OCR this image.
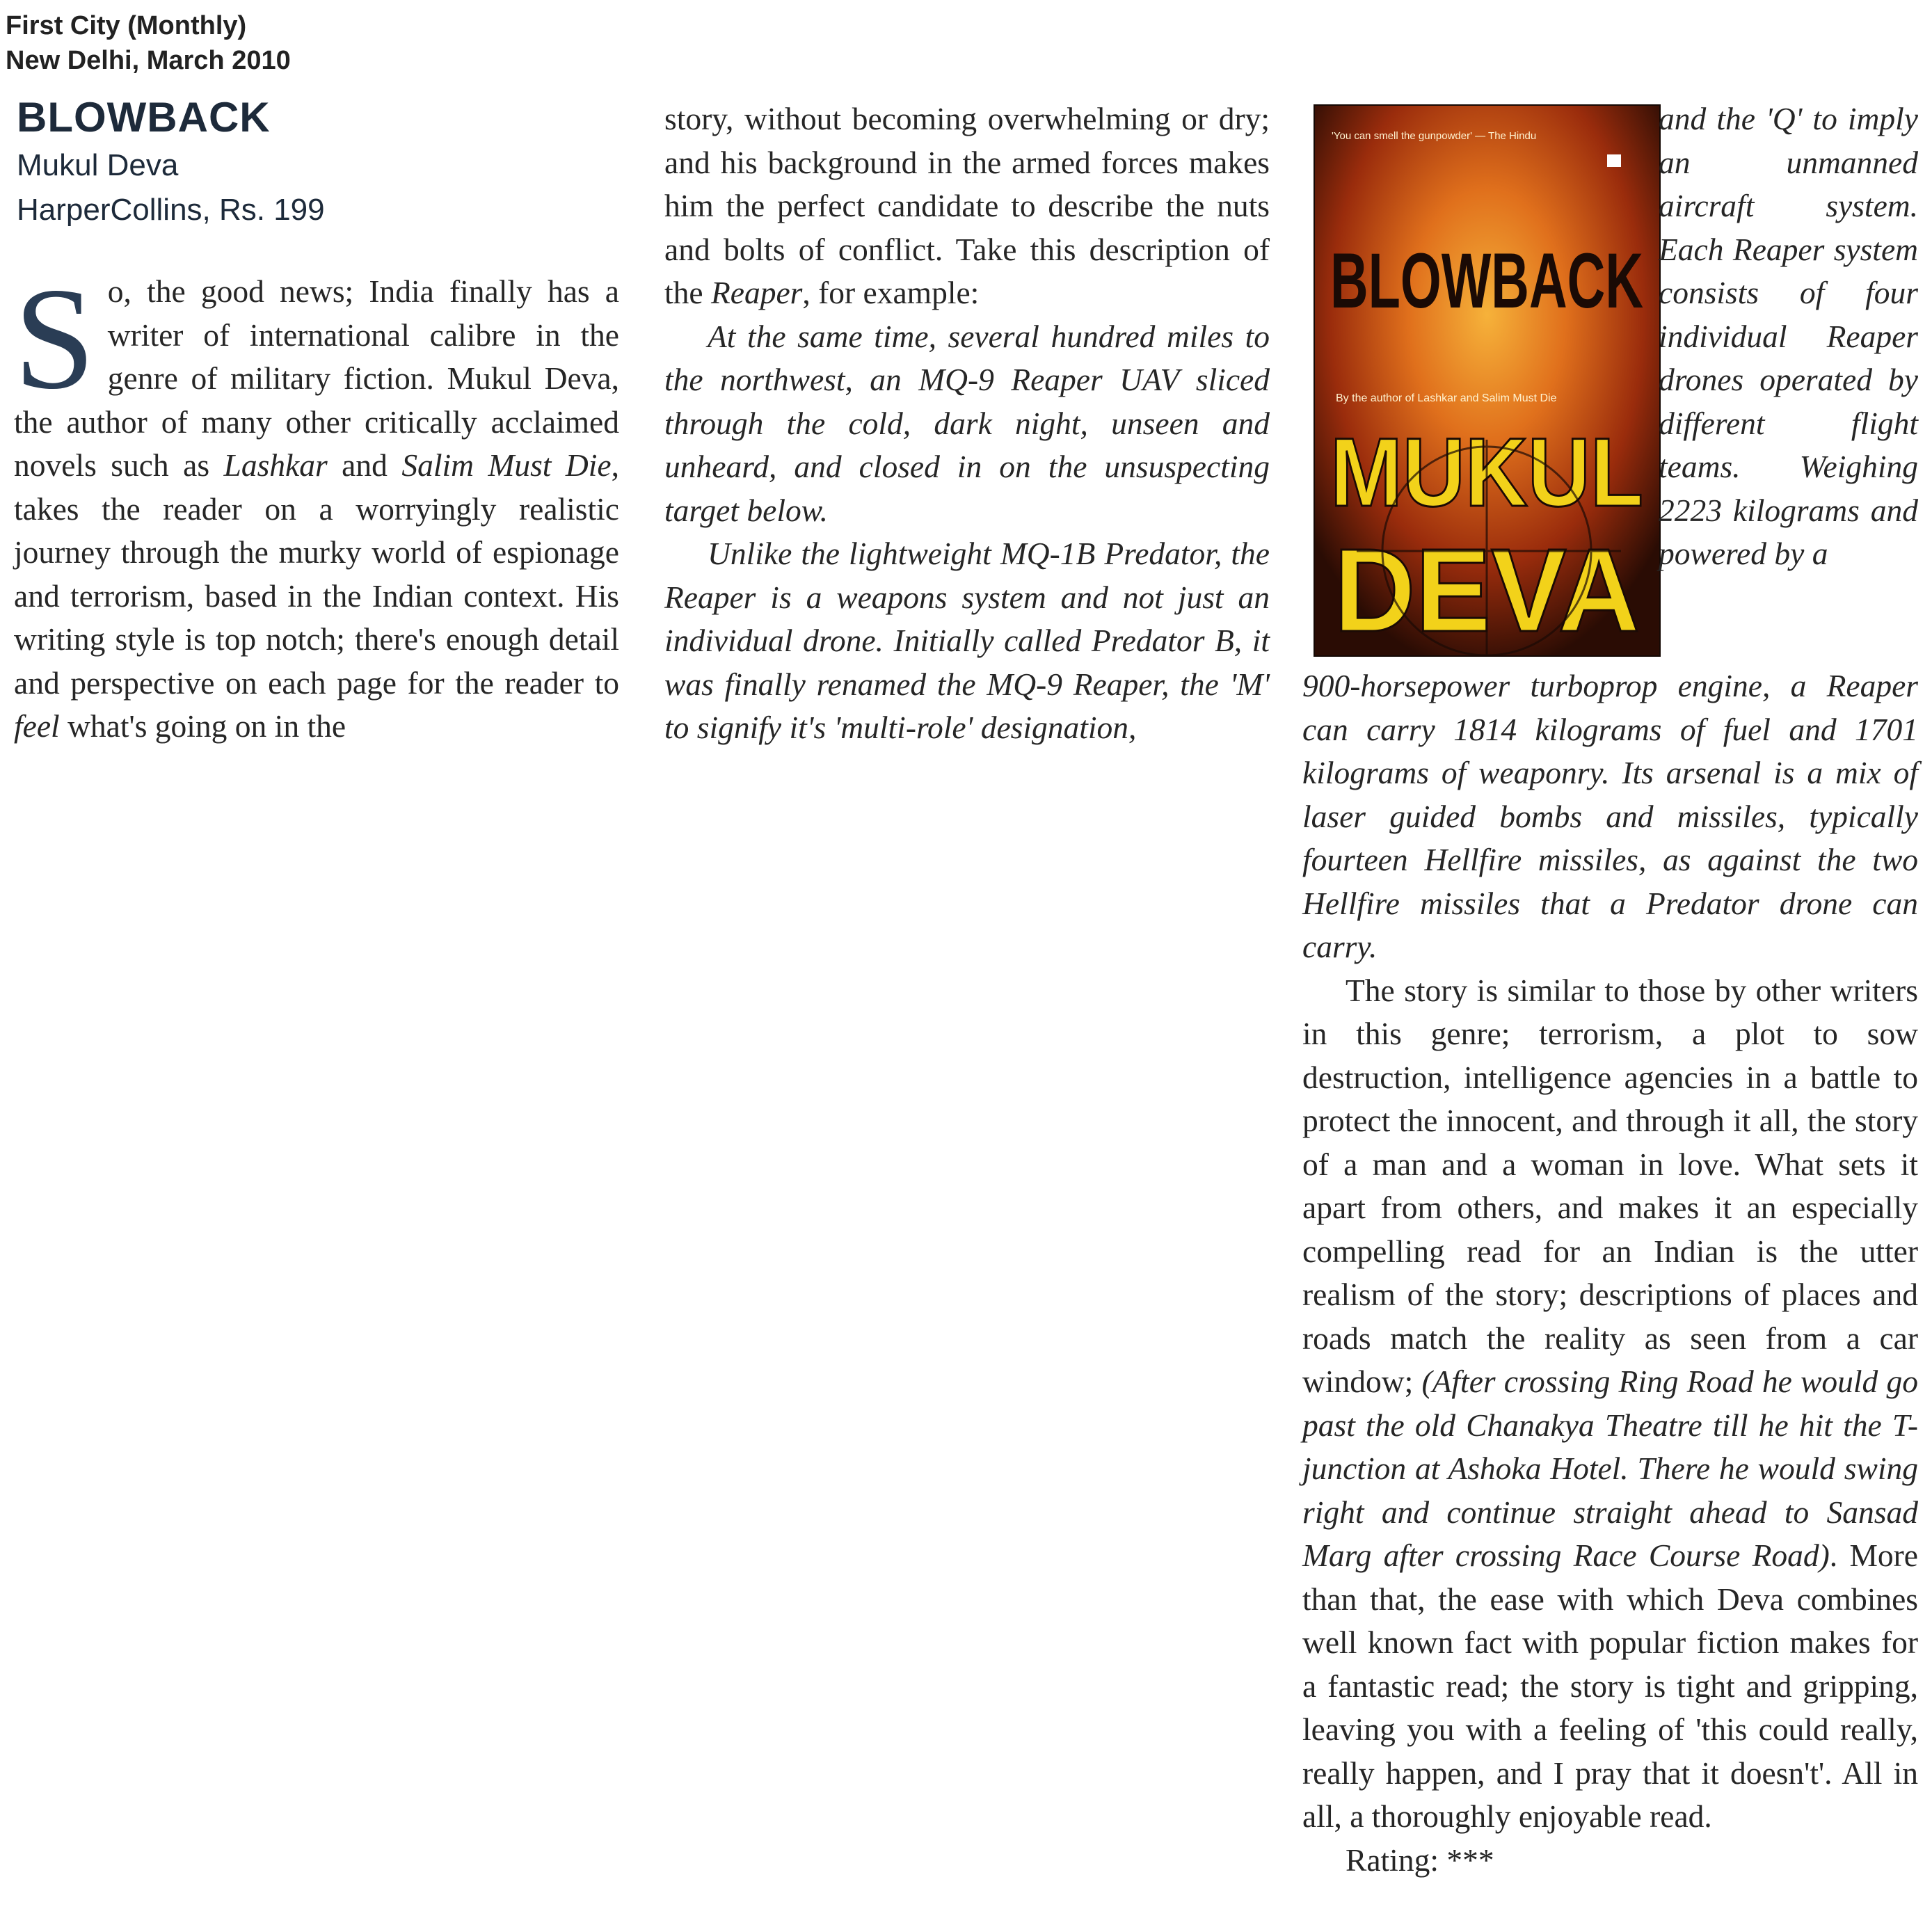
First City (Monthly)
New Delhi, March 2010
BLOWBACK
Mukul Deva
HarperCollins, Rs. 199

So, the good news; India finally has a writer of international calibre in the genre of military fiction. Mukul Deva, the author of many other critically acclaimed novels such as Lashkar and Salim Must Die, takes the reader on a worryingly realistic journey through the murky world of espionage and terrorism, based in the Indian context. His writing style is top notch; there's enough detail and perspective on each page for the reader to feel what's going on in the

story, without becoming overwhelming or dry; and his background in the armed forces makes him the perfect candidate to describe the nuts and bolts of conflict. Take this description of the Reaper, for example:

At the same time, several hundred miles to the northwest, an MQ-9 Reaper UAV sliced through the cold, dark night, unseen and unheard, and closed in on the unsuspecting target below.

Unlike the lightweight MQ-1B Predator, the Reaper is a weapons system and not just an individual drone. Initially called Predator B, it was finally renamed the MQ-9 Reaper, the 'M' to signify it's 'multi-role' designation,

'You can smell the gunpowder' — The Hindu
BLOWBACK
By the author of Lashkar and Salim Must Die
MUKUL
DEVA

and the 'Q' to imply an unmanned aircraft system. Each Reaper system consists of four individual Reaper drones operated by different flight teams. Weighing 2223 kilograms and powered by a

900-horsepower turboprop engine, a Reaper can carry 1814 kilograms of fuel and 1701 kilograms of weaponry. Its arsenal is a mix of laser guided bombs and missiles, typically fourteen Hellfire missiles, as against the two Hellfire missiles that a Predator drone can carry.

The story is similar to those by other writers in this genre; terrorism, a plot to sow destruction, intelligence agencies in a battle to protect the innocent, and through it all, the story of a man and a woman in love. What sets it apart from others, and makes it an especially compelling read for an Indian is the utter realism of the story; descriptions of places and roads match the reality as seen from a car window; (After crossing Ring Road he would go past the old Chanakya Theatre till he hit the T-junction at Ashoka Hotel. There he would swing right and continue straight ahead to Sansad Marg after crossing Race Course Road). More than that, the ease with which Deva combines well known fact with popular fiction makes for a fantastic read; the story is tight and gripping, leaving you with a feeling of 'this could really, really happen, and I pray that it doesn't'. All in all, a thoroughly enjoyable read.

Rating: ***
